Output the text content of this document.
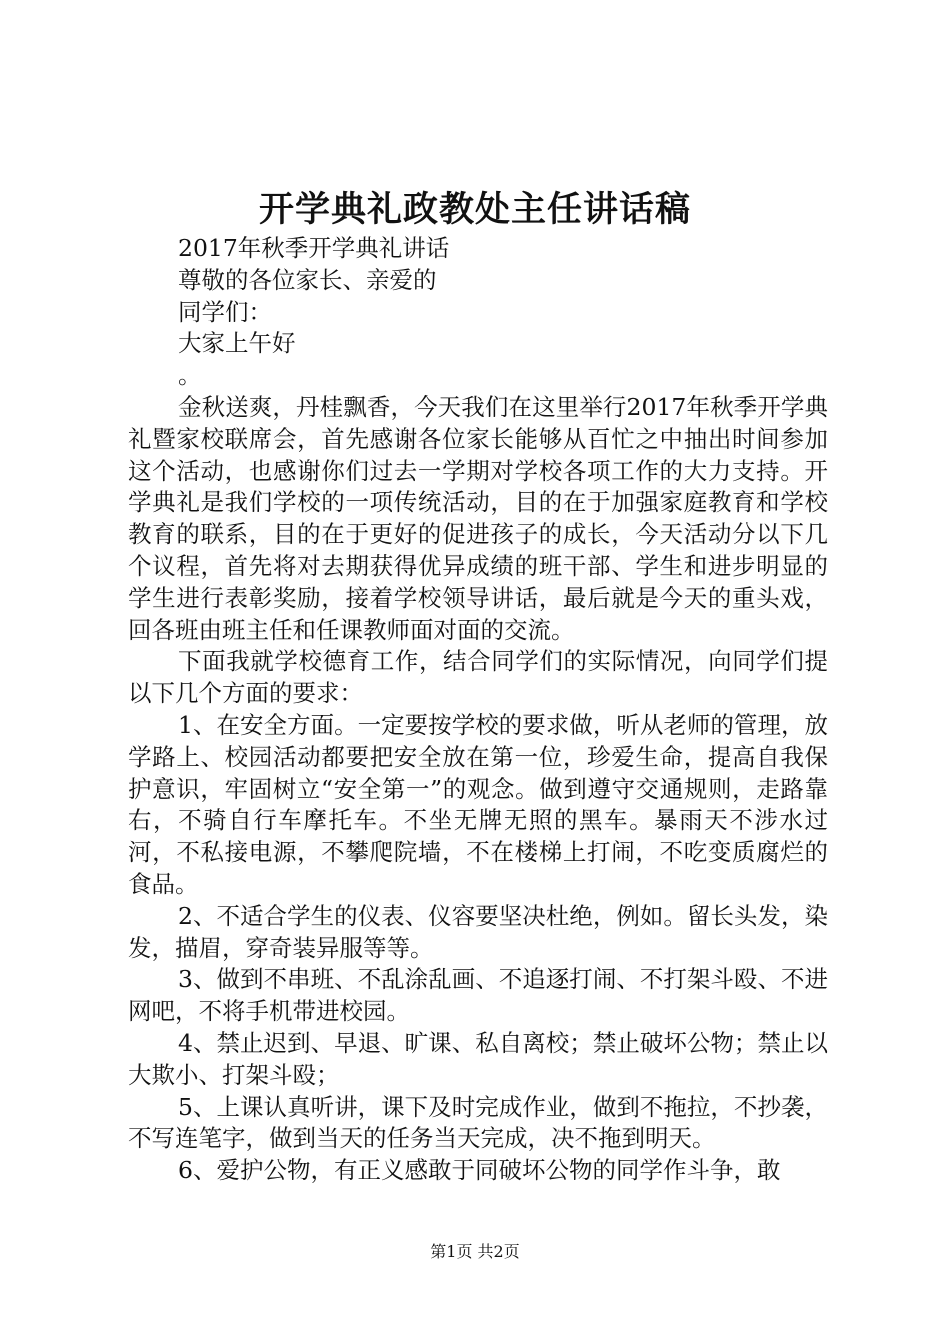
开学典礼政教处主任讲话稿

2017年秋季开学典礼讲话

尊敬的各位家长、亲爱的

同学们：

大家上午好

。

金秋送爽，丹桂飘香，今天我们在这里举行2017年秋季开学典礼暨家校联席会，首先感谢各位家长能够从百忙之中抽出时间参加这个活动，也感谢你们过去一学期对学校各项工作的大力支持。开学典礼是我们学校的一项传统活动，目的在于加强家庭教育和学校教育的联系，目的在于更好的促进孩子的成长，今天活动分以下几个议程，首先将对去期获得优异成绩的班干部、学生和进步明显的学生进行表彰奖励，接着学校领导讲话，最后就是今天的重头戏，回各班由班主任和任课教师面对面的交流。

下面我就学校德育工作，结合同学们的实际情况，向同学们提以下几个方面的要求：

1、在安全方面。一定要按学校的要求做，听从老师的管理，放学路上、校园活动都要把安全放在第一位，珍爱生命，提高自我保护意识，牢固树立“安全第一”的观念。做到遵守交通规则，走路靠右，不骑自行车摩托车。不坐无牌无照的黑车。暴雨天不涉水过河，不私接电源，不攀爬院墙，不在楼梯上打闹，不吃变质腐烂的食品。

2、不适合学生的仪表、仪容要坚决杜绝，例如。留长头发，染发，描眉，穿奇装异服等等。

3、做到不串班、不乱涂乱画、不追逐打闹、不打架斗殴、不进网吧，不将手机带进校园。

4、禁止迟到、早退、旷课、私自离校；禁止破坏公物；禁止以大欺小、打架斗殴；

5、上课认真听讲，课下及时完成作业，做到不拖拉，不抄袭，不写连笔字，做到当天的任务当天完成，决不拖到明天。

6、爱护公物，有正义感敢于同破坏公物的同学作斗争，敢

第1页 共2页
